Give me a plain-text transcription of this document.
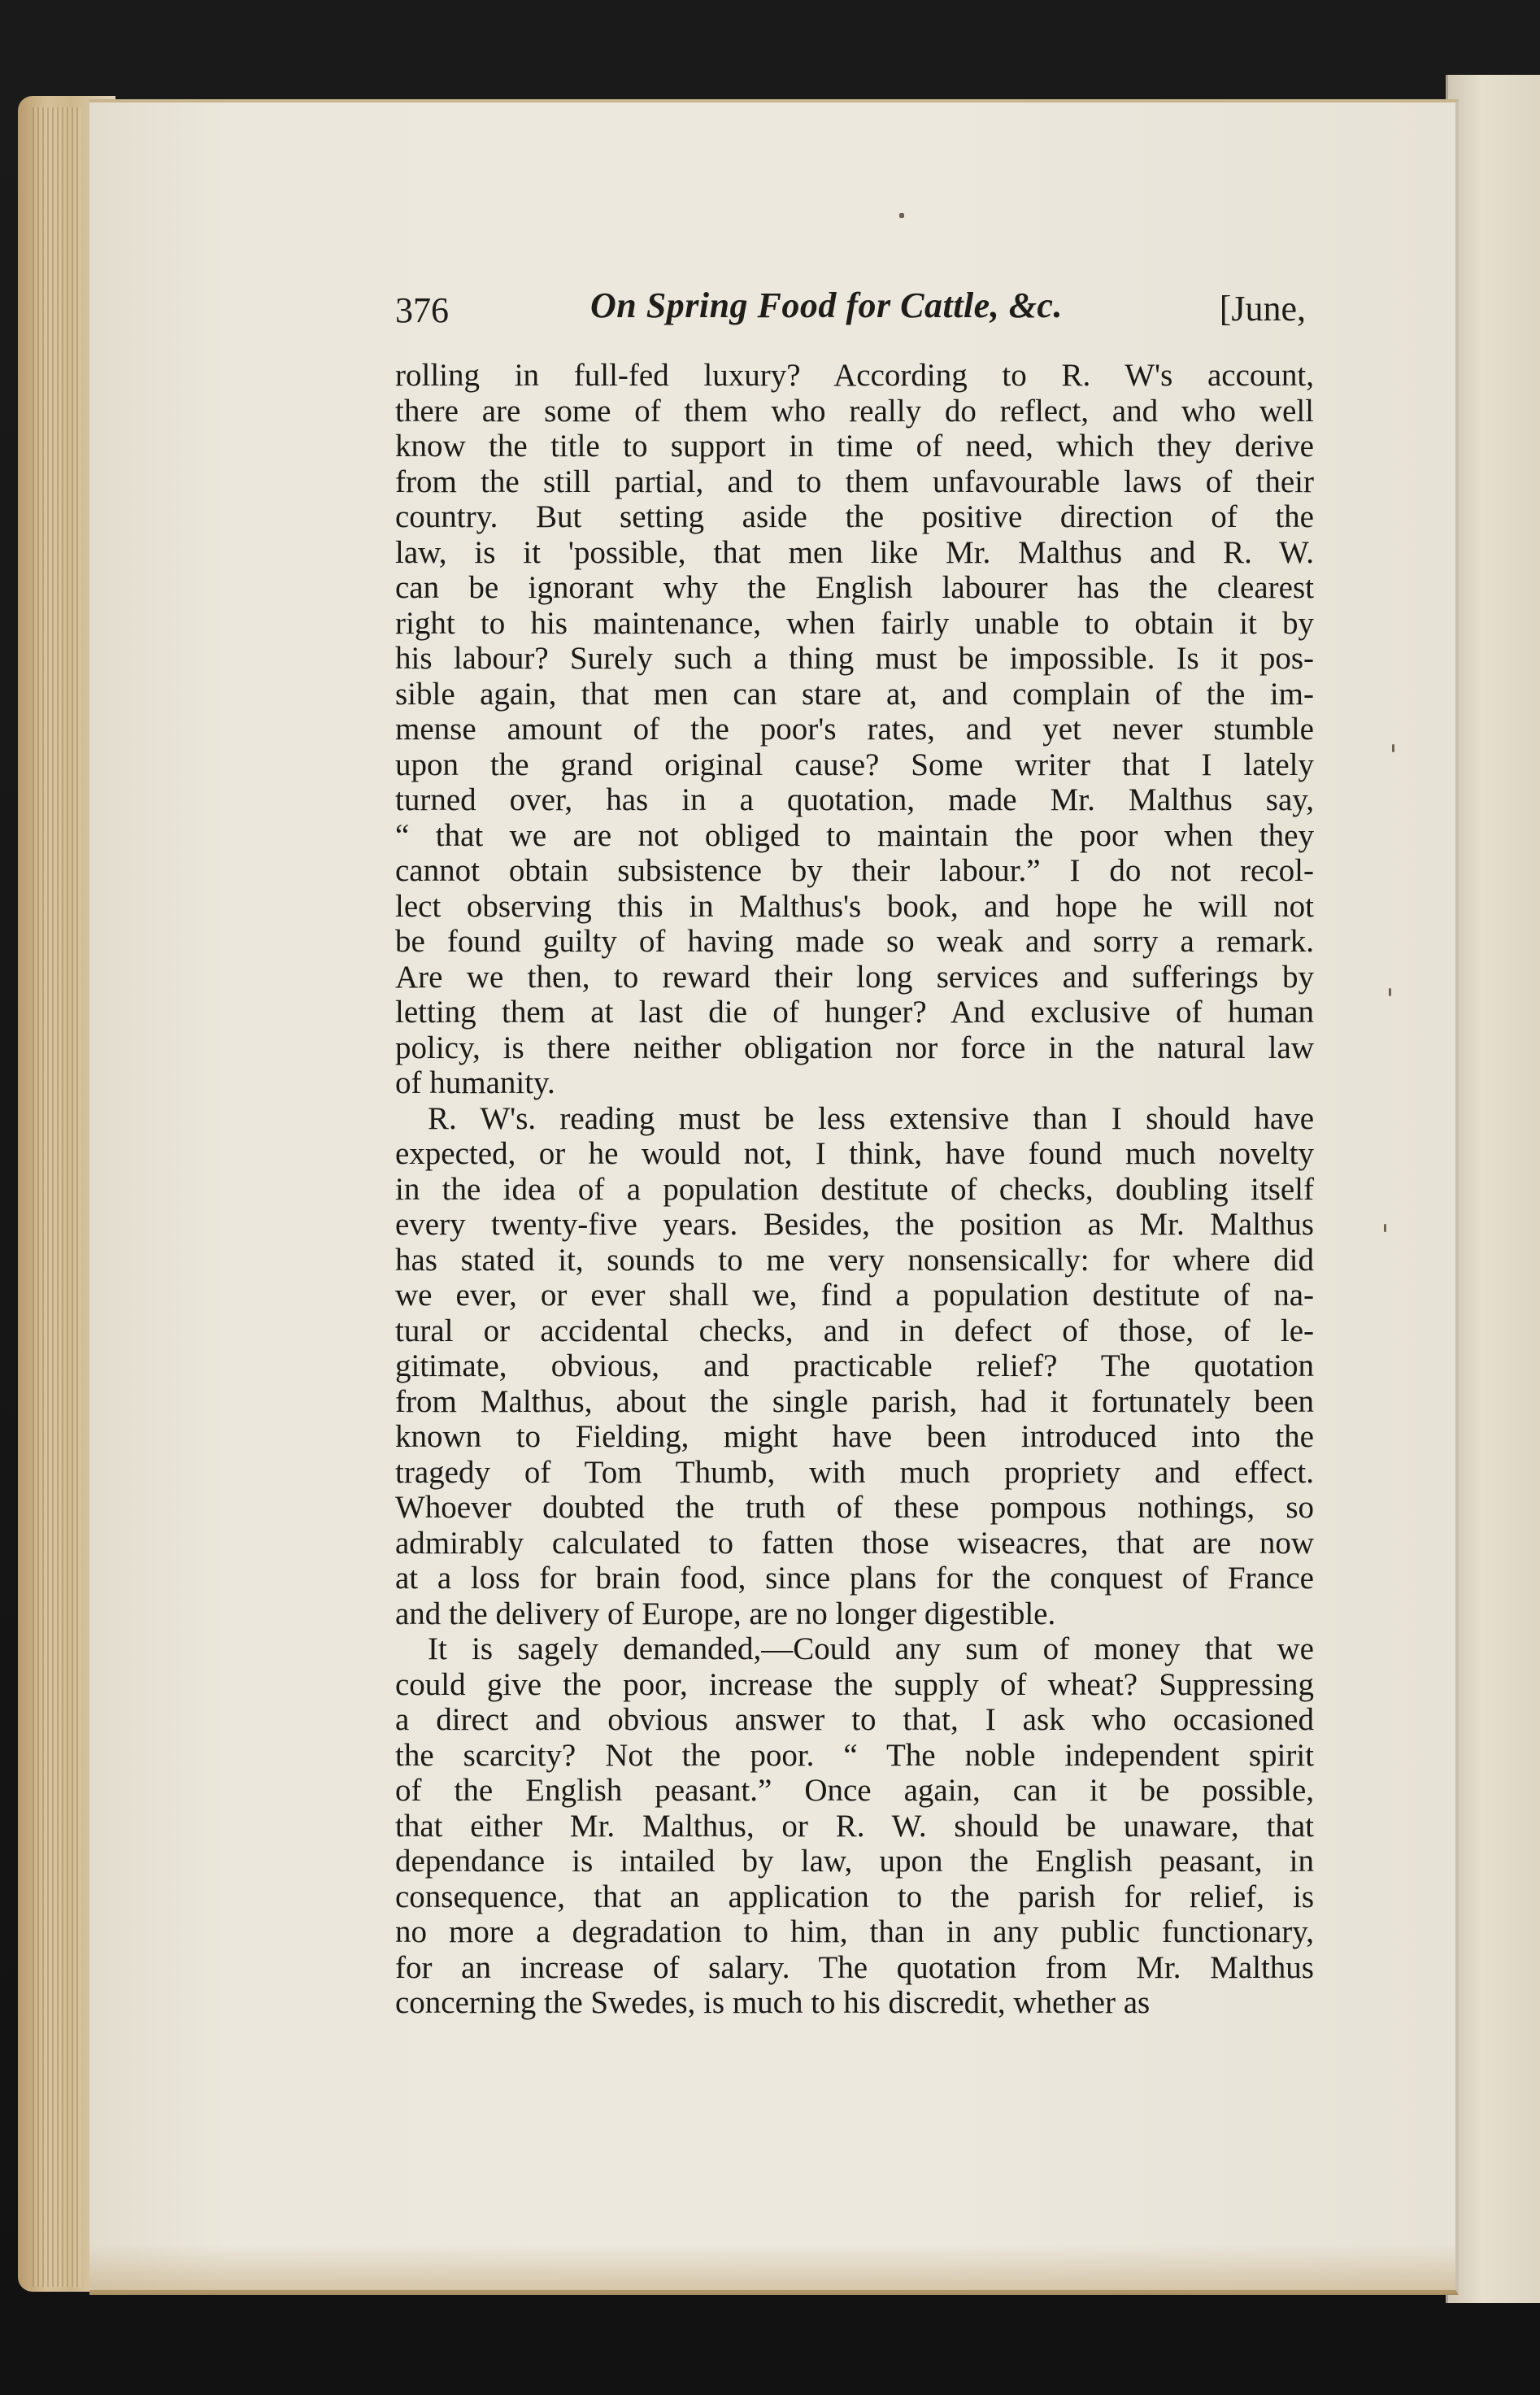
376	On Spring Food for Cattle, &c.	[June,
rolling in full-fed luxury? According to R. W's account,
there are some of them who really do reflect, and who well
know the title to support in time of need, which they derive
from the still partial, and to them unfavourable laws of their
country. But setting aside the positive direction of the
law, is it 'possible, that men like Mr. Malthus and R. W.
can be ignorant why the English labourer has the clearest
right to his maintenance, when fairly unable to obtain it by
his labour? Surely such a thing must be impossible. Is it pos-
sible again, that men can stare at, and complain of the im-
mense amount of the poor's rates, and yet never stumble
upon the grand original cause? Some writer that I lately
turned over, has in a quotation, made Mr. Malthus say,
“ that we are not obliged to maintain the poor when they
cannot obtain subsistence by their labour.” I do not recol-
lect observing this in Malthus's book, and hope he will not
be found guilty of having made so weak and sorry a remark.
Are we then, to reward their long services and sufferings by
letting them at last die of hunger? And exclusive of human
policy, is there neither obligation nor force in the natural law
of humanity.
R. W's. reading must be less extensive than I should have
expected, or he would not, I think, have found much novelty
in the idea of a population destitute of checks, doubling itself
every twenty-five years. Besides, the position as Mr. Malthus
has stated it, sounds to me very nonsensically: for where did
we ever, or ever shall we, find a population destitute of na-
tural or accidental checks, and in defect of those, of le-
gitimate, obvious, and practicable relief? The quotation
from Malthus, about the single parish, had it fortunately been
known to Fielding, might have been introduced into the
tragedy of Tom Thumb, with much propriety and effect.
Whoever doubted the truth of these pompous nothings, so
admirably calculated to fatten those wiseacres, that are now
at a loss for brain food, since plans for the conquest of France
and the delivery of Europe, are no longer digestible.
It is sagely demanded,—Could any sum of money that we
could give the poor, increase the supply of wheat? Suppressing
a direct and obvious answer to that, I ask who occasioned
the scarcity? Not the poor. “ The noble independent spirit
of the English peasant.” Once again, can it be possible,
that either Mr. Malthus, or R. W. should be unaware, that
dependance is intailed by law, upon the English peasant, in
consequence, that an application to the parish for relief, is
no more a degradation to him, than in any public functionary,
for an increase of salary. The quotation from Mr. Malthus
concerning the Swedes, is much to his discredit, whether as
